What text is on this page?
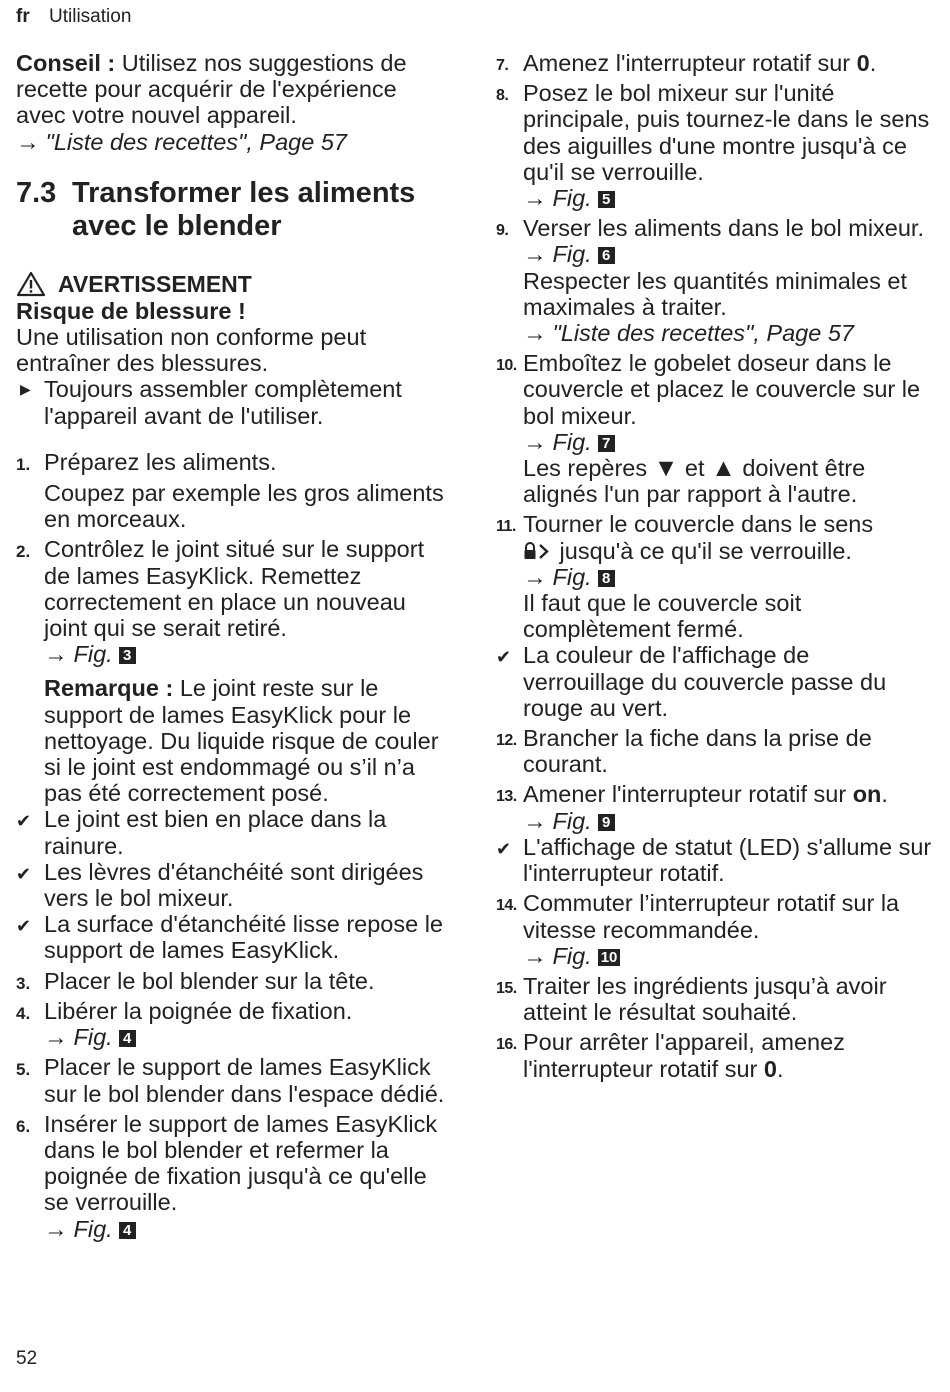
fr Utilisation
Conseil : Utilisez nos suggestions de recette pour acquérir de l'expérience avec votre nouvel appareil.
→ "Liste des recettes", Page 57
7.3 Transformer les aliments
avec le blender
AVERTISSEMENT
Risque de blessure !
Une utilisation non conforme peut entraîner des blessures.
▶ Toujours assembler complètement l'appareil avant de l'utiliser.
1. Préparez les aliments.
Coupez par exemple les gros aliments en morceaux.
2. Contrôlez le joint situé sur le support de lames EasyKlick. Remettez correctement en place un nouveau joint qui se serait retiré.
→ Fig. 3
Remarque : Le joint reste sur le support de lames EasyKlick pour le nettoyage. Du liquide risque de couler si le joint est endommagé ou s’il n’a pas été correctement posé.
✔ Le joint est bien en place dans la rainure.
✔ Les lèvres d'étanchéité sont dirigées vers le bol mixeur.
✔ La surface d'étanchéité lisse repose le support de lames EasyKlick.
3. Placer le bol blender sur la tête.
4. Libérer la poignée de fixation.
→ Fig. 4
5. Placer le support de lames EasyKlick sur le bol blender dans l'espace dédié.
6. Insérer le support de lames EasyKlick dans le bol blender et refermer la poignée de fixation jusqu'à ce qu'elle se verrouille.
→ Fig. 4
7. Amenez l'interrupteur rotatif sur 0.
8. Posez le bol mixeur sur l'unité principale, puis tournez-le dans le sens des aiguilles d'une montre jusqu'à ce qu'il se verrouille.
→ Fig. 5
9. Verser les aliments dans le bol mixeur.
→ Fig. 6
Respecter les quantités minimales et maximales à traiter.
→ "Liste des recettes", Page 57
10. Emboîtez le gobelet doseur dans le couvercle et placez le couvercle sur le bol mixeur.
→ Fig. 7
Les repères ▼ et ▲ doivent être alignés l'un par rapport à l'autre.
11. Tourner le couvercle dans le sens
jusqu'à ce qu'il se verrouille.
→ Fig. 8
Il faut que le couvercle soit complètement fermé.
✔ La couleur de l'affichage de verrouillage du couvercle passe du rouge au vert.
12. Brancher la fiche dans la prise de courant.
13. Amener l'interrupteur rotatif sur on.
→ Fig. 9
✔ L'affichage de statut (LED) s'allume sur l'interrupteur rotatif.
14. Commuter l’interrupteur rotatif sur la vitesse recommandée.
→ Fig. 10
15. Traiter les ingrédients jusqu’à avoir atteint le résultat souhaité.
16. Pour arrêter l'appareil, amenez l'interrupteur rotatif sur 0.
52
